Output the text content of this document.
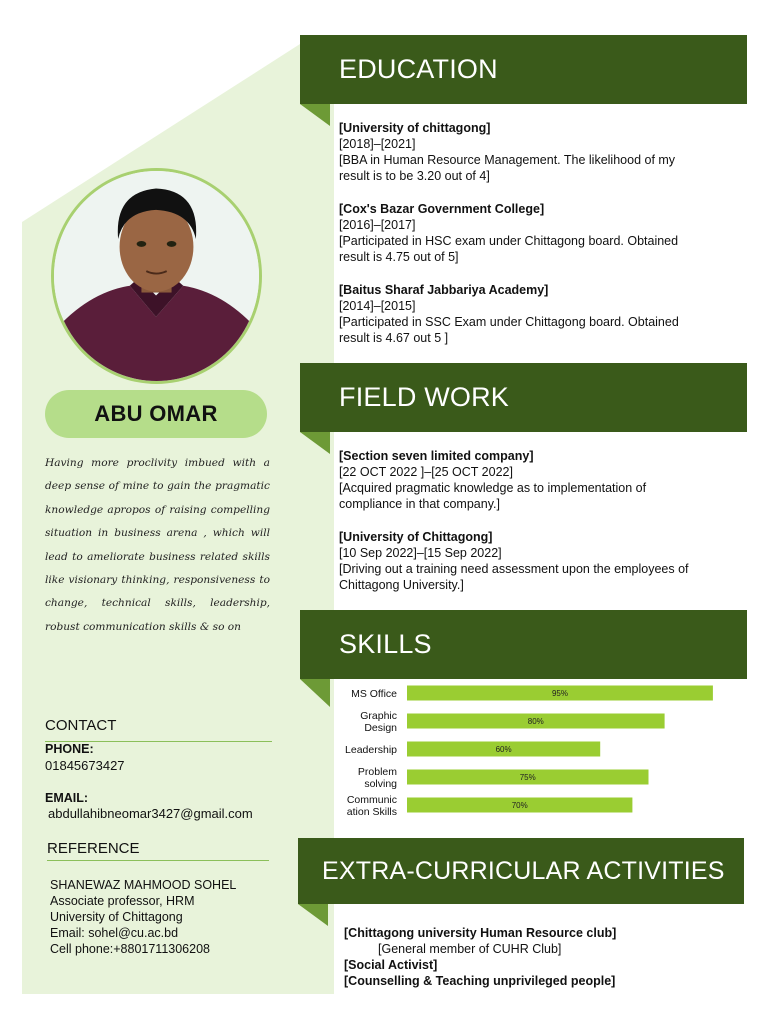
ABU OMAR
Having more proclivity imbued with a deep sense of mine to gain the pragmatic knowledge apropos of raising compelling situation in business arena , which will lead to ameliorate business related skills like visionary thinking, responsiveness to change, technical skills, leadership, robust communication skills & so on
CONTACT
PHONE:
01845673427
EMAIL:
abdullahibneomar3427@gmail.com
REFERENCE
SHANEWAZ MAHMOOD SOHEL
Associate professor, HRM
University of Chittagong
Email: sohel@cu.ac.bd
Cell phone:+8801711306208
EDUCATION
[University of chittagong]
[2018]–[2021]
[BBA in Human Resource Management. The likelihood of my result is to be 3.20 out of 4]
[Cox's Bazar Government College]
[2016]–[2017]
[Participated in HSC exam under Chittagong board. Obtained result is 4.75 out of 5]
[Baitus Sharaf Jabbariya Academy]
[2014]–[2015]
[Participated in SSC Exam under Chittagong board. Obtained result is 4.67 out 5 ]
FIELD WORK
[Section seven limited company]
[22 OCT 2022 ]–[25 OCT 2022]
[Acquired pragmatic knowledge as to implementation of compliance in that company.]
[University of Chittagong]
[10 Sep 2022]–[15 Sep 2022]
[Driving out a training need assessment upon the employees of Chittagong University.]
SKILLS
MS Office	95%
Graphic
Design
80%
Leadership	60%
Problem
solving
75%
Communic
ation Skills
70%
EXTRA-CURRICULAR ACTIVITIES
[Chittagong university Human Resource club]
[General member of CUHR Club]
[Social Activist]
[Counselling & Teaching unprivileged people]
